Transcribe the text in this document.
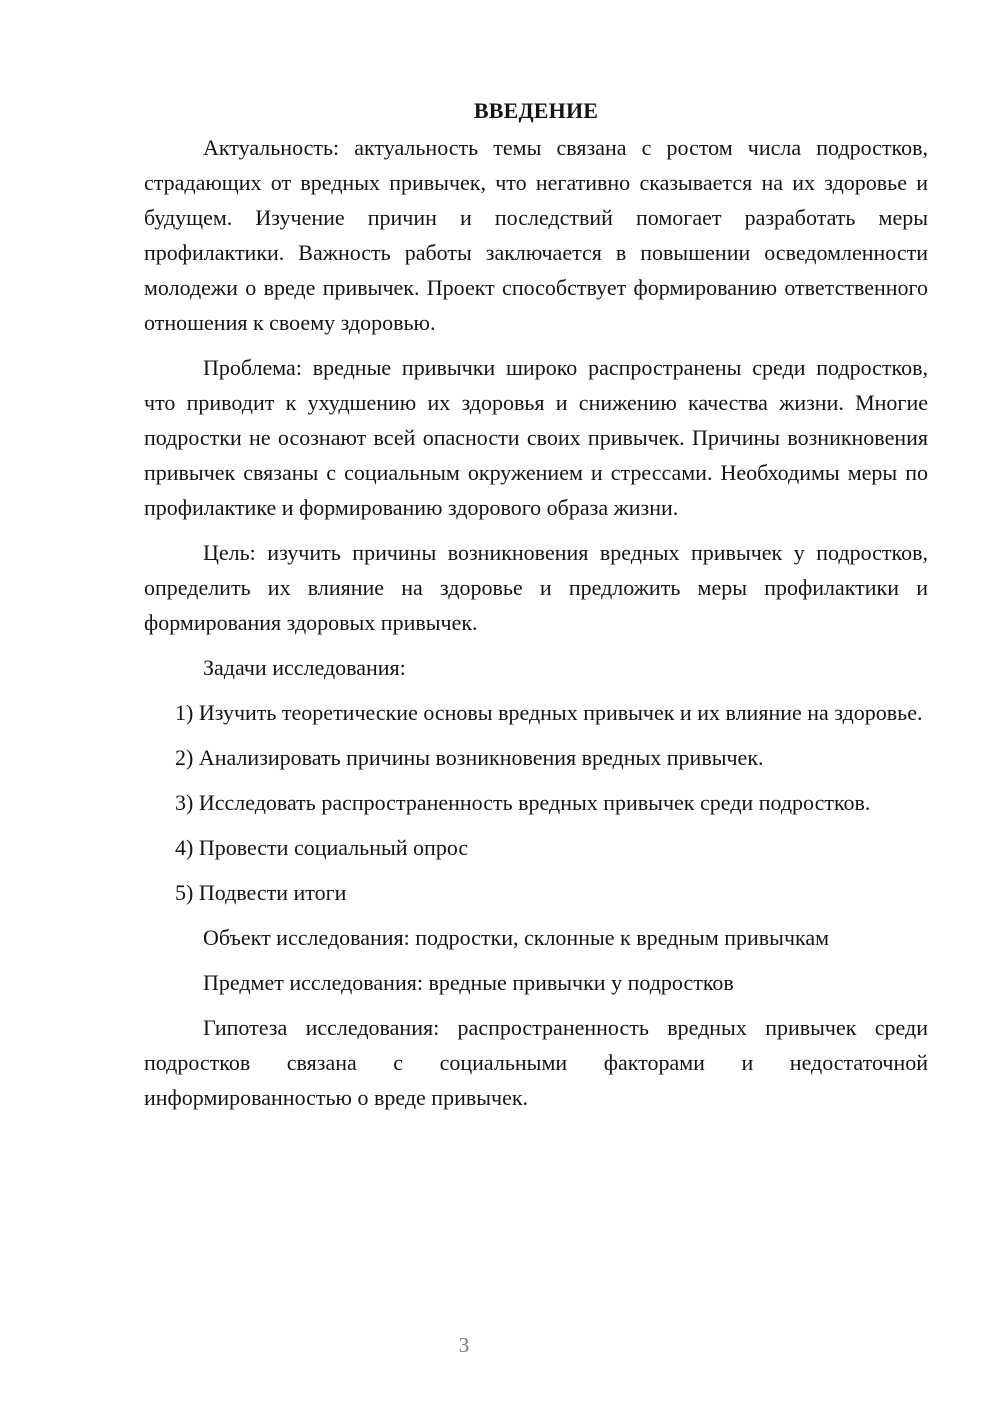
ВВЕДЕНИЕ

Актуальность: актуальность темы связана с ростом числа подростков, страдающих от вредных привычек, что негативно сказывается на их здоровье и будущем. Изучение причин и последствий помогает разработать меры профилактики. Важность работы заключается в повышении осведомленности молодежи о вреде привычек. Проект способствует формированию ответственного отношения к своему здоровью.

Проблема: вредные привычки широко распространены среди подростков, что приводит к ухудшению их здоровья и снижению качества жизни. Многие подростки не осознают всей опасности своих привычек. Причины возникновения привычек связаны с социальным окружением и стрессами. Необходимы меры по профилактике и формированию здорового образа жизни.

Цель: изучить причины возникновения вредных привычек у подростков, определить их влияние на здоровье и предложить меры профилактики и формирования здоровых привычек.

Задачи исследования:

1) Изучить теоретические основы вредных привычек и их влияние на здоровье.

2) Анализировать причины возникновения вредных привычек.

3) Исследовать распространенность вредных привычек среди подростков.

4) Провести социальный опрос

5) Подвести итоги

Объект исследования: подростки, склонные к вредным привычкам

Предмет исследования: вредные привычки у подростков

Гипотеза исследования: распространенность вредных привычек среди подростков связана с социальными факторами и недостаточной информированностью о вреде привычек.

3
